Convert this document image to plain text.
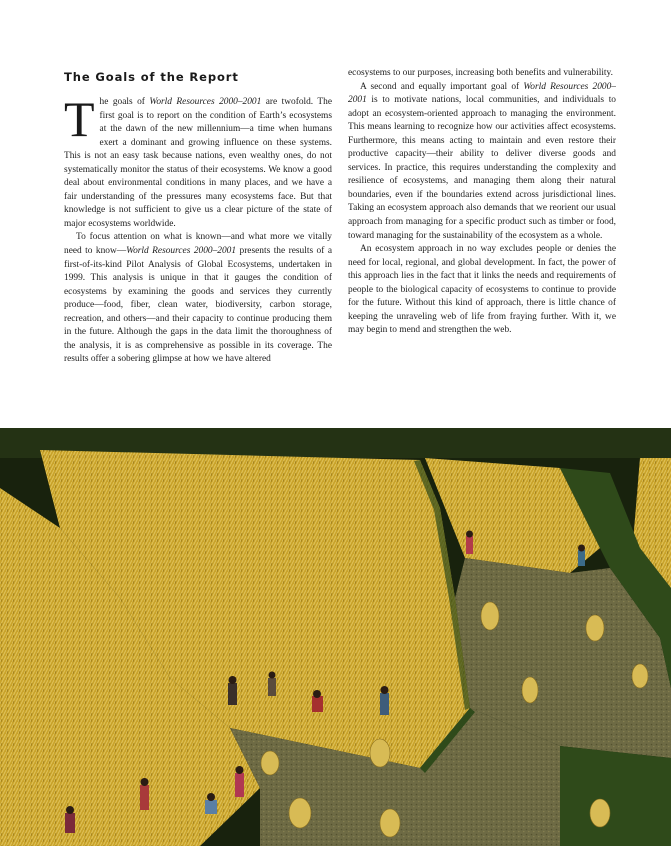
The Goals of the Report

The goals of World Resources 2000–2001 are twofold. The first goal is to report on the condition of Earth’s ecosystems at the dawn of the new millennium—a time when humans exert a dominant and growing influence on these systems. This is not an easy task because nations, even wealthy ones, do not systematically monitor the status of their ecosystems. We know a good deal about environmental conditions in many places, and we have a fair understanding of the pressures many ecosystems face. But that knowledge is not sufficient to give us a clear picture of the state of major ecosystems worldwide.

To focus attention on what is known—and what more we vitally need to know—World Resources 2000–2001 presents the results of a first-of-its-kind Pilot Analysis of Global Ecosystems, undertaken in 1999. This analysis is unique in that it gauges the condition of ecosystems by examining the goods and services they currently produce—food, fiber, clean water, biodiversity, carbon storage, recreation, and others—and their capacity to continue producing them in the future. Although the gaps in the data limit the thoroughness of the analysis, it is as comprehensive as possible in its coverage. The results offer a sobering glimpse at how we have altered

ecosystems to our purposes, increasing both benefits and vulnerability.

A second and equally important goal of World Resources 2000–2001 is to motivate nations, local communities, and individuals to adopt an ecosystem-oriented approach to managing the environment. This means learning to recognize how our activities affect ecosystems. Furthermore, this means acting to maintain and even restore their productive capacity—their ability to deliver diverse goods and services. In practice, this requires understanding the complexity and resilience of ecosystems, and managing them along their natural boundaries, even if the boundaries extend across jurisdictional lines. Taking an ecosystem approach also demands that we reorient our usual approach from managing for a specific product such as timber or food, toward managing for the sustainability of the ecosystem as a whole.

An ecosystem approach in no way excludes people or denies the need for local, regional, and global development. In fact, the power of this approach lies in the fact that it links the needs and requirements of people to the biological capacity of ecosystems to continue to provide for the future. Without this kind of approach, there is little chance of keeping the unraveling web of life from fraying further. With it, we may begin to mend and strengthen the web.
